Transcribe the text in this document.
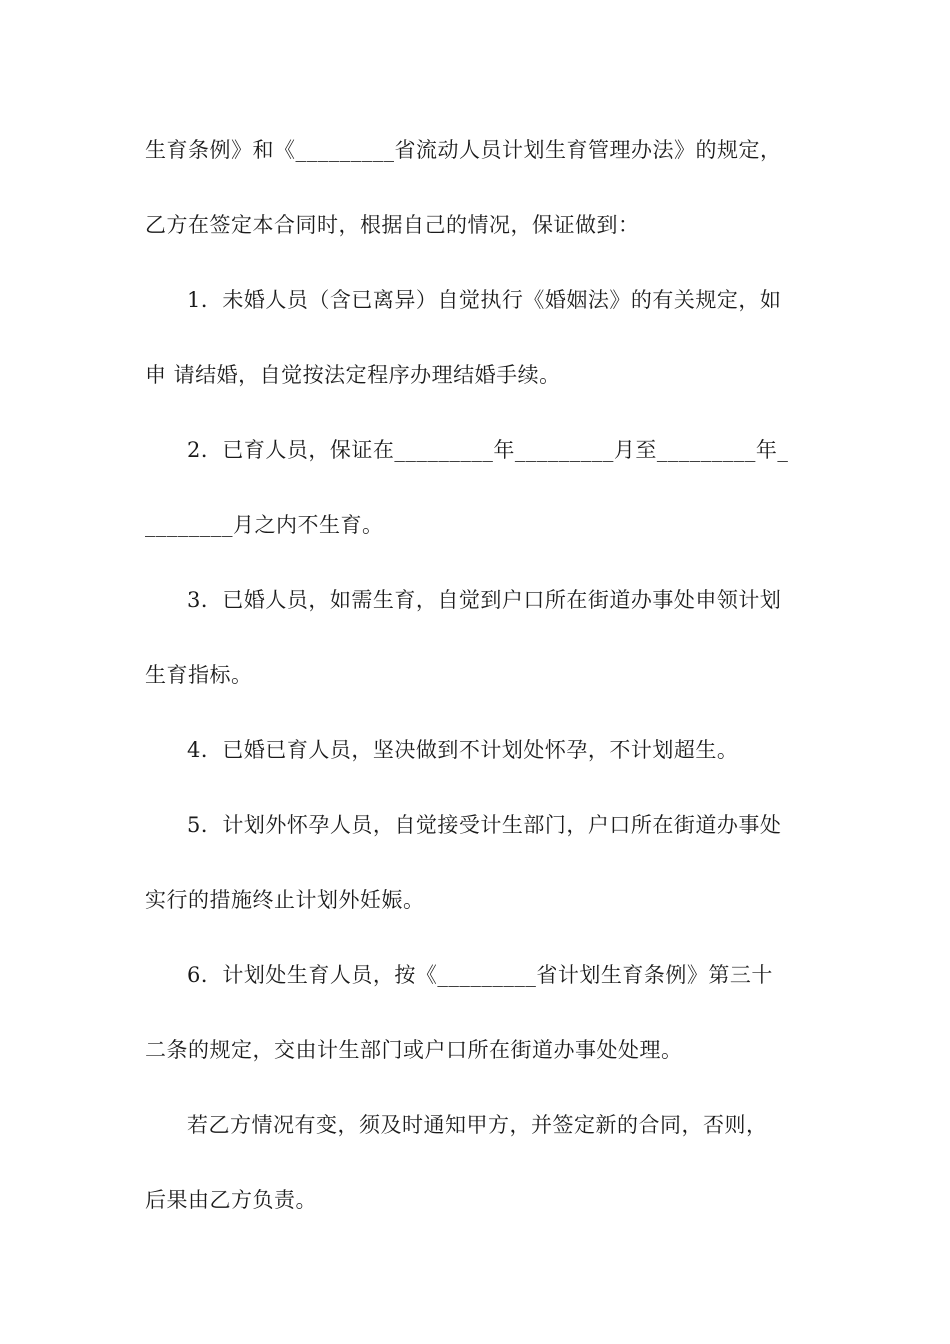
生育条例》和《_________省流动人员计划生育管理办法》的规定，
乙方在签定本合同时，根据自己的情况，保证做到：
1．未婚人员（含已离异）自觉执行《婚姻法》的有关规定，如
申 请结婚，自觉按法定程序办理结婚手续。
2．已育人员，保证在_________年_________月至_________年_
________月之内不生育。
3．已婚人员，如需生育，自觉到户口所在街道办事处申领计划
生育指标。
4．已婚已育人员，坚决做到不计划处怀孕，不计划超生。
5．计划外怀孕人员，自觉接受计生部门，户口所在街道办事处
实行的措施终止计划外妊娠。
6．计划处生育人员，按《_________省计划生育条例》第三十
二条的规定，交由计生部门或户口所在街道办事处处理。
若乙方情况有变，须及时通知甲方，并签定新的合同，否则，
后果由乙方负责。
